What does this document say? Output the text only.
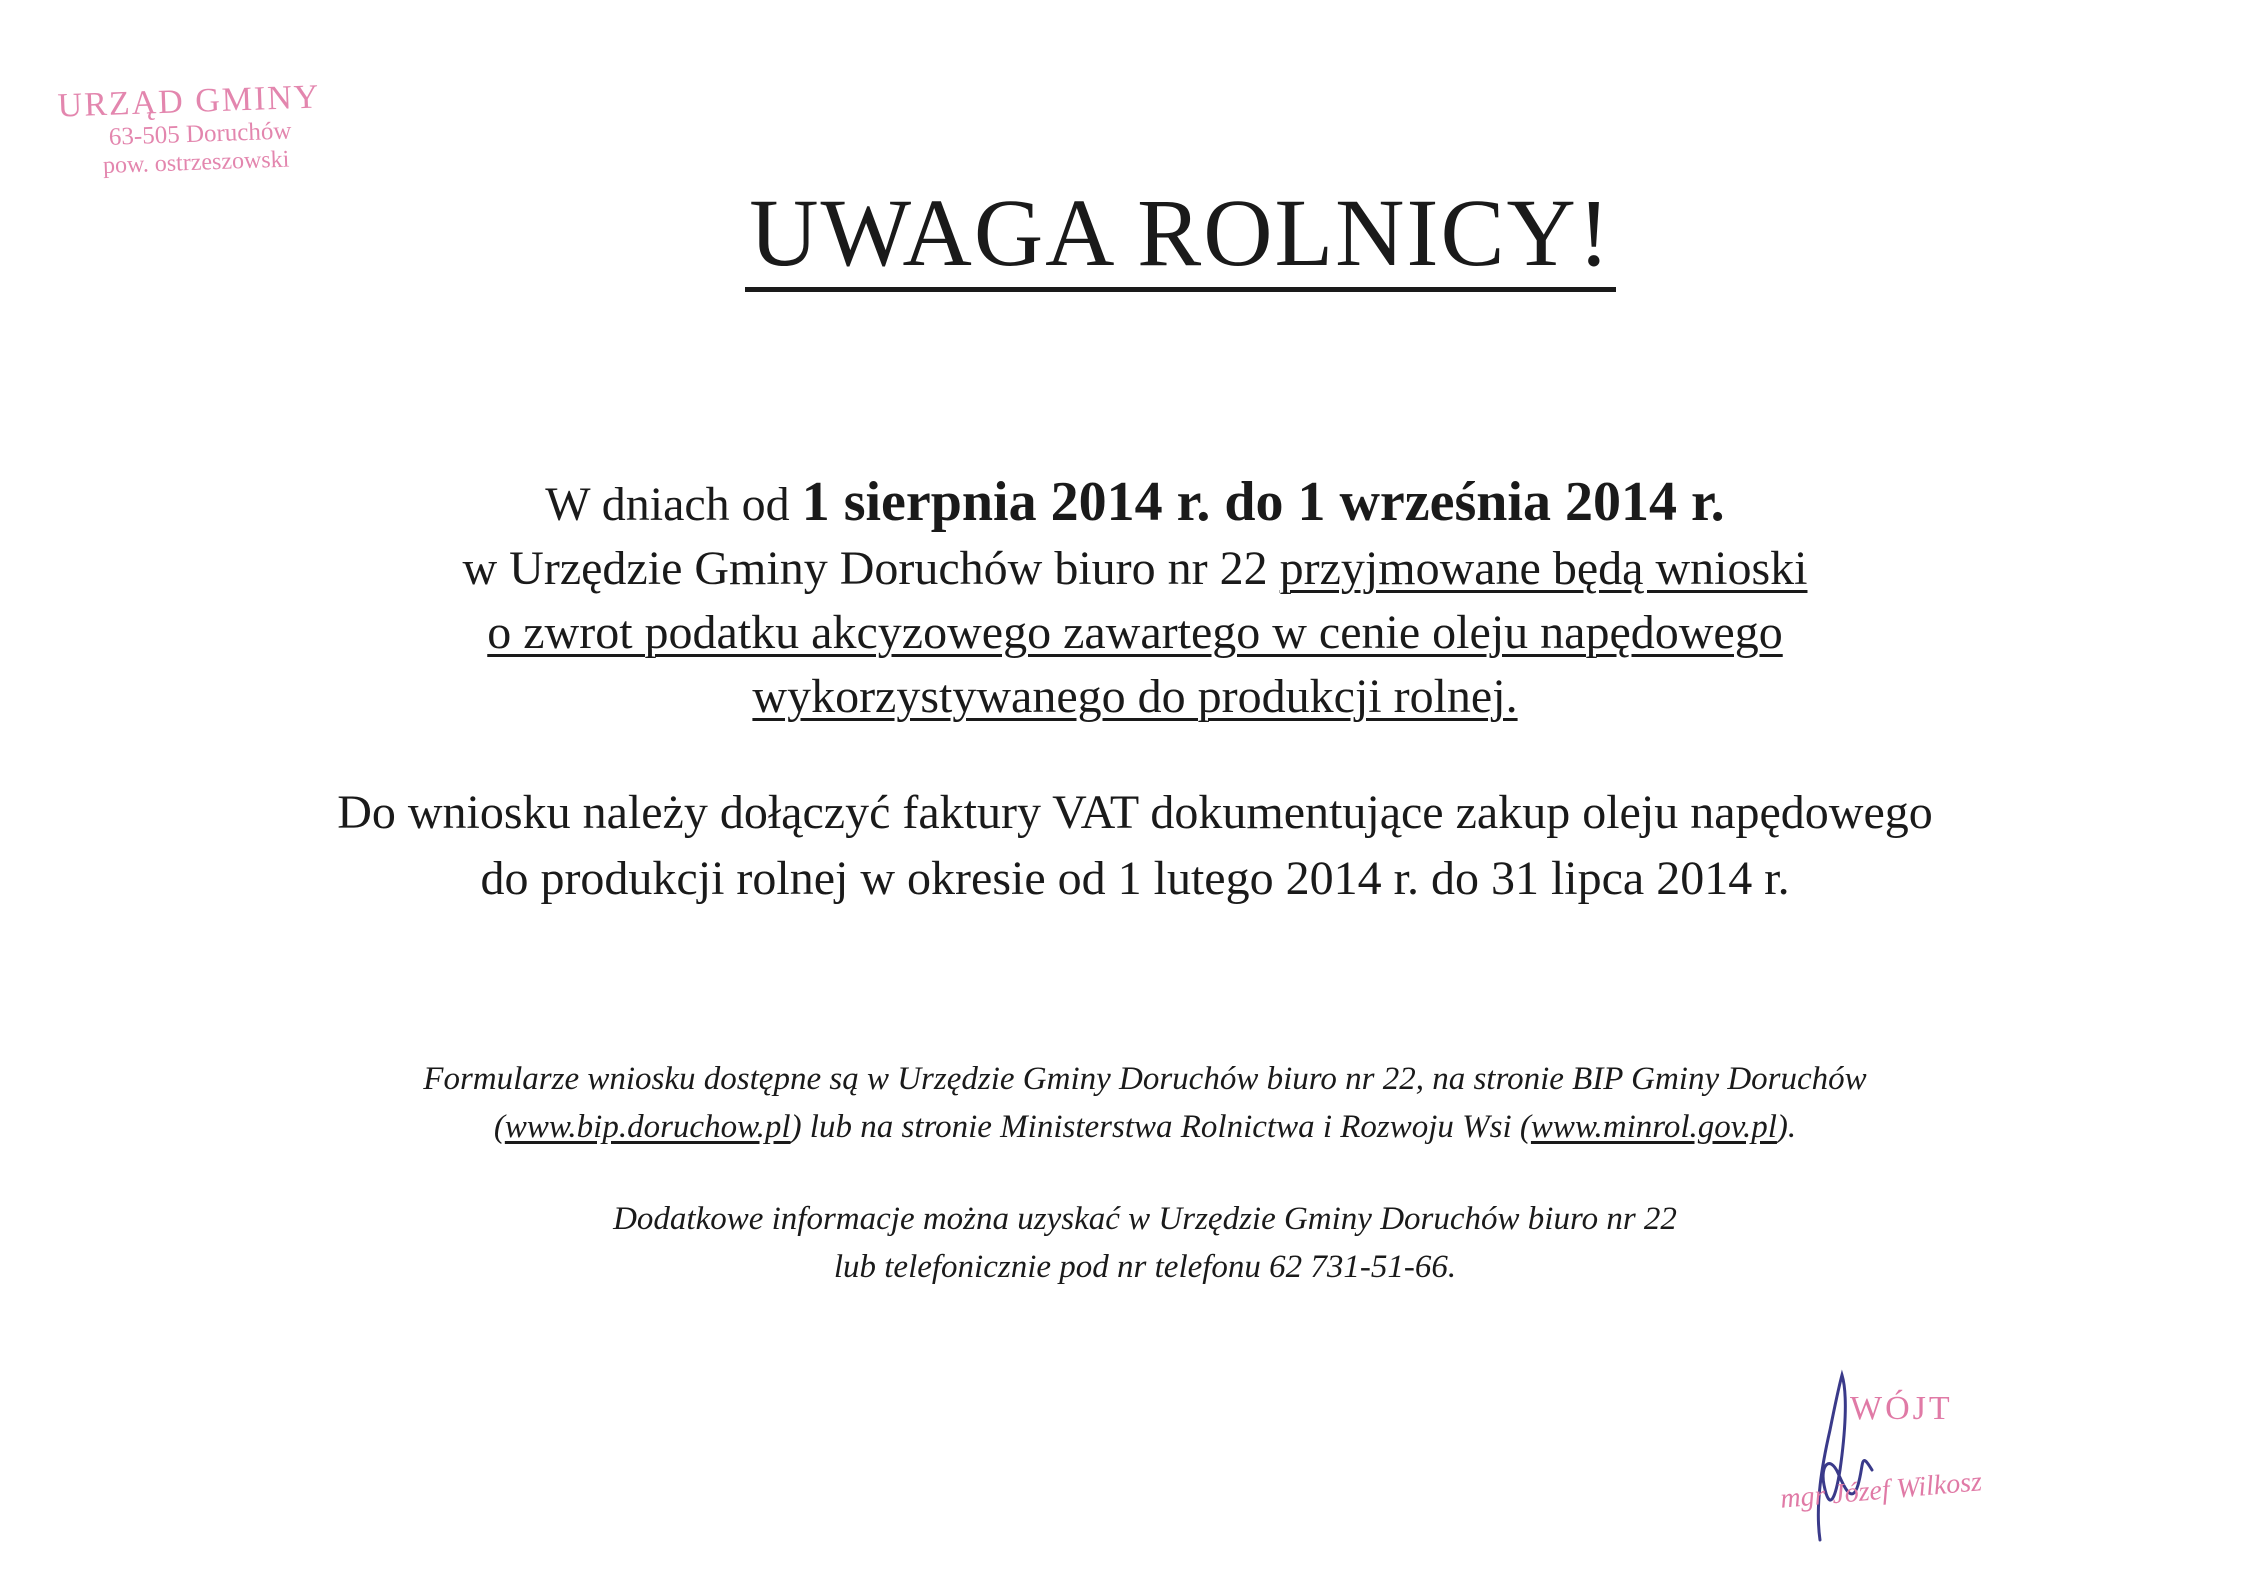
URZĄD GMINY
63-505 Doruchów
pow. ostrzeszowski
UWAGA ROLNICY!
W dniach od 1 sierpnia 2014 r. do 1 września 2014 r.
w Urzędzie Gminy Doruchów biuro nr 22 przyjmowane będą wnioski
o zwrot podatku akcyzowego zawartego w cenie oleju napędowego
wykorzystywanego do produkcji rolnej.
Do wniosku należy dołączyć faktury VAT dokumentujące zakup oleju napędowego
do produkcji rolnej w okresie od 1 lutego 2014 r. do 31 lipca 2014 r.
Formularze wniosku dostępne są w Urzędzie Gminy Doruchów biuro nr 22, na stronie BIP Gminy Doruchów
(www.bip.doruchow.pl) lub na stronie Ministerstwa Rolnictwa i Rozwoju Wsi (www.minrol.gov.pl).
Dodatkowe informacje można uzyskać w Urzędzie Gminy Doruchów biuro nr 22
lub telefonicznie pod nr telefonu 62 731-51-66.
WÓJT
mgr Józef Wilkosz
